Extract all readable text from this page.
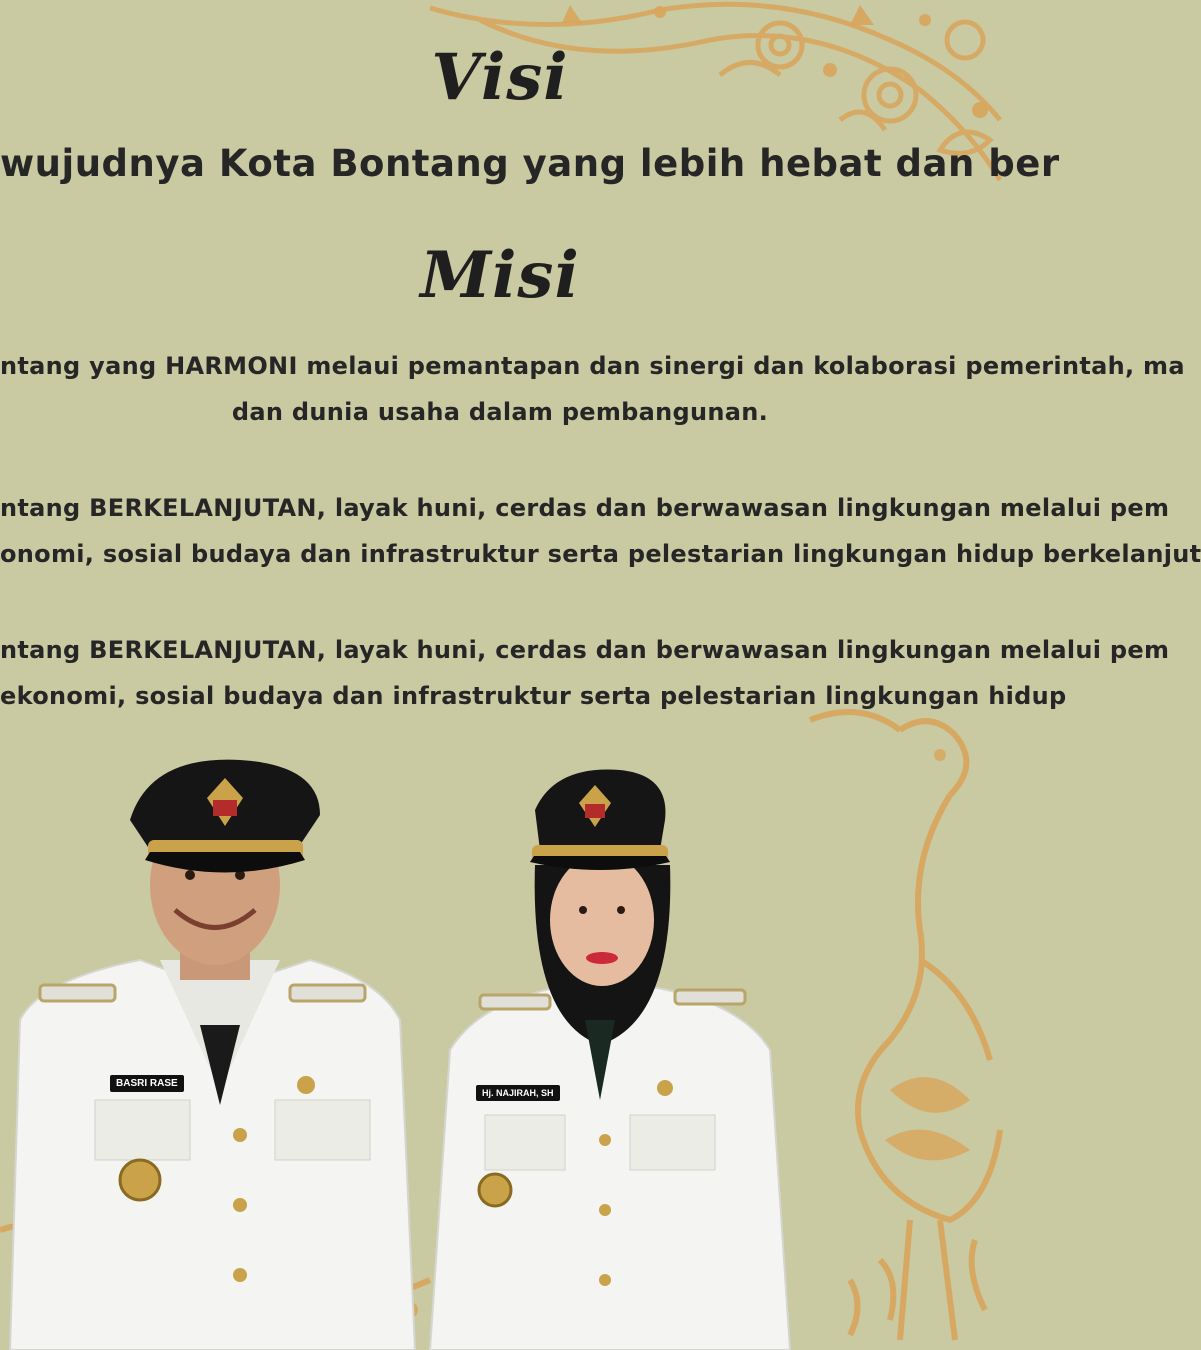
Visi

wujudnya Kota Bontang yang lebih hebat dan ber

Misi

ntang yang HARMONI melaui pemantapan dan sinergi dan kolaborasi pemerintah, ma

dan dunia usaha dalam pembangunan.

ntang BERKELANJUTAN, layak huni, cerdas dan berwawasan lingkungan melalui pem

onomi, sosial budaya dan infrastruktur serta pelestarian lingkungan hidup berkelanjut

ntang BERKELANJUTAN, layak huni, cerdas dan berwawasan lingkungan melalui pem

ekonomi, sosial budaya dan infrastruktur serta pelestarian lingkungan hidup

BASRI RASE
Hj. NAJIRAH, SH
